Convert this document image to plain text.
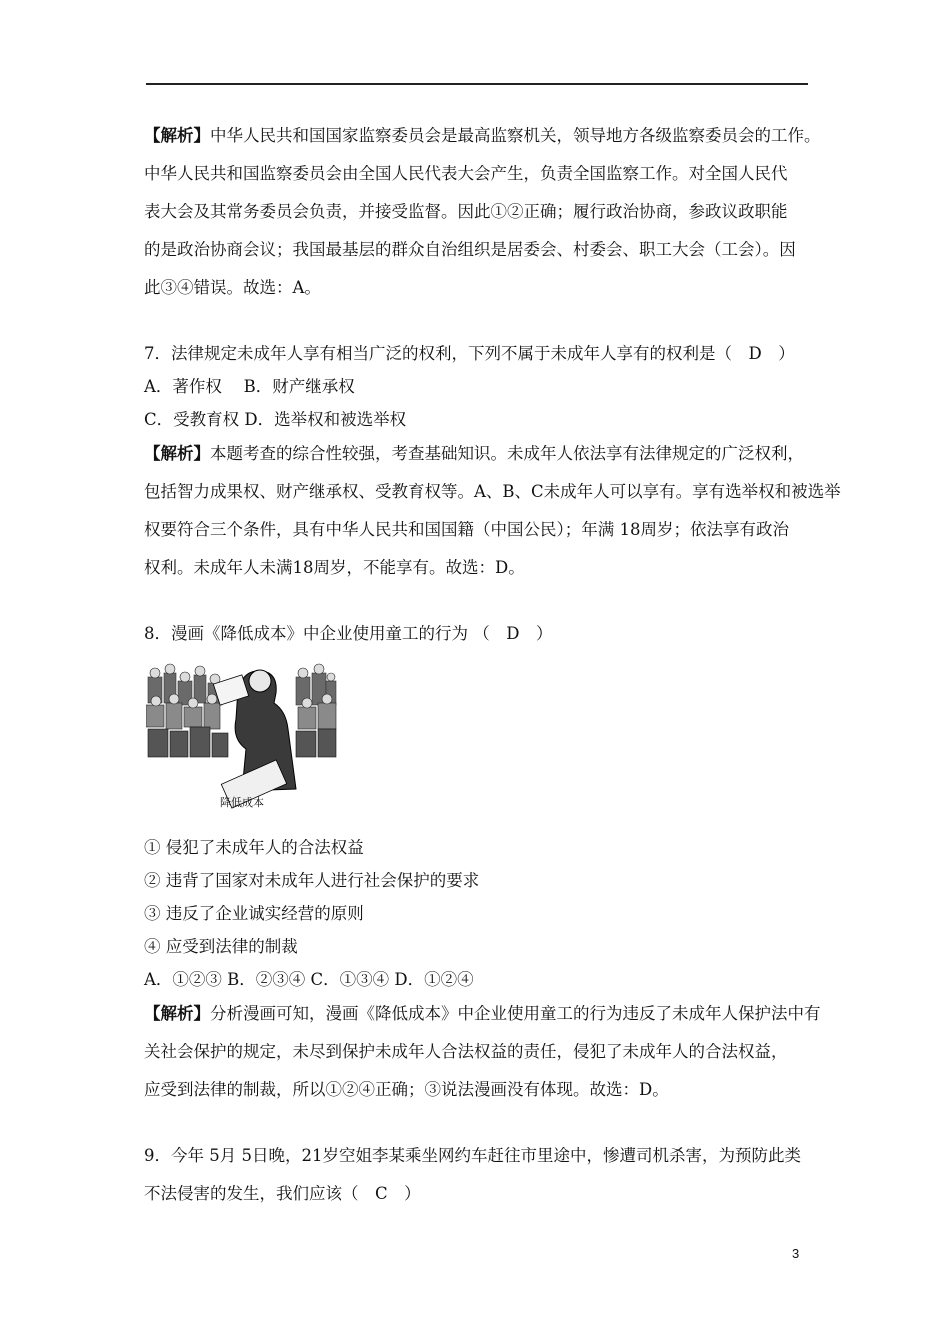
【解析】中华人民共和国国家监察委员会是最高监察机关，领导地方各级监察委员会的工作。
中华人民共和国监察委员会由全国人民代表大会产生，负责全国监察工作。对全国人民代
表大会及其常务委员会负责，并接受监督。因此①②正确；履行政治协商，参政议政职能
的是政治协商会议；我国最基层的群众自治组织是居委会、村委会、职工大会（工会）。因
此③④错误。故选：A。
7．法律规定未成年人享有相当广泛的权利，下列不属于未成年人享有的权利是（　D　）
A．著作权　 B．财产继承权
C．受教育权 D．选举权和被选举权
【解析】本题考查的综合性较强，考查基础知识。未成年人依法享有法律规定的广泛权利，
包括智力成果权、财产继承权、受教育权等。A、B、C未成年人可以享有。享有选举权和被选举
权要符合三个条件，具有中华人民共和国国籍（中国公民）；年满 18周岁；依法享有政治
权利。未成年人未满18周岁，不能享有。故选：D。
8．漫画《降低成本》中企业使用童工的行为 （　D　）
降低成本
① 侵犯了未成年人的合法权益
② 违背了国家对未成年人进行社会保护的要求
③ 违反了企业诚实经营的原则
④ 应受到法律的制裁
A．①②③ B．②③④ C．①③④ D．①②④
【解析】分析漫画可知，漫画《降低成本》中企业使用童工的行为违反了未成年人保护法中有
关社会保护的规定，未尽到保护未成年人合法权益的责任，侵犯了未成年人的合法权益，
应受到法律的制裁，所以①②④正确；③说法漫画没有体现。故选：D。
9．今年 5月 5日晚，21岁空姐李某乘坐网约车赶往市里途中，惨遭司机杀害，为预防此类
不法侵害的发生，我们应该（　C　）
3
